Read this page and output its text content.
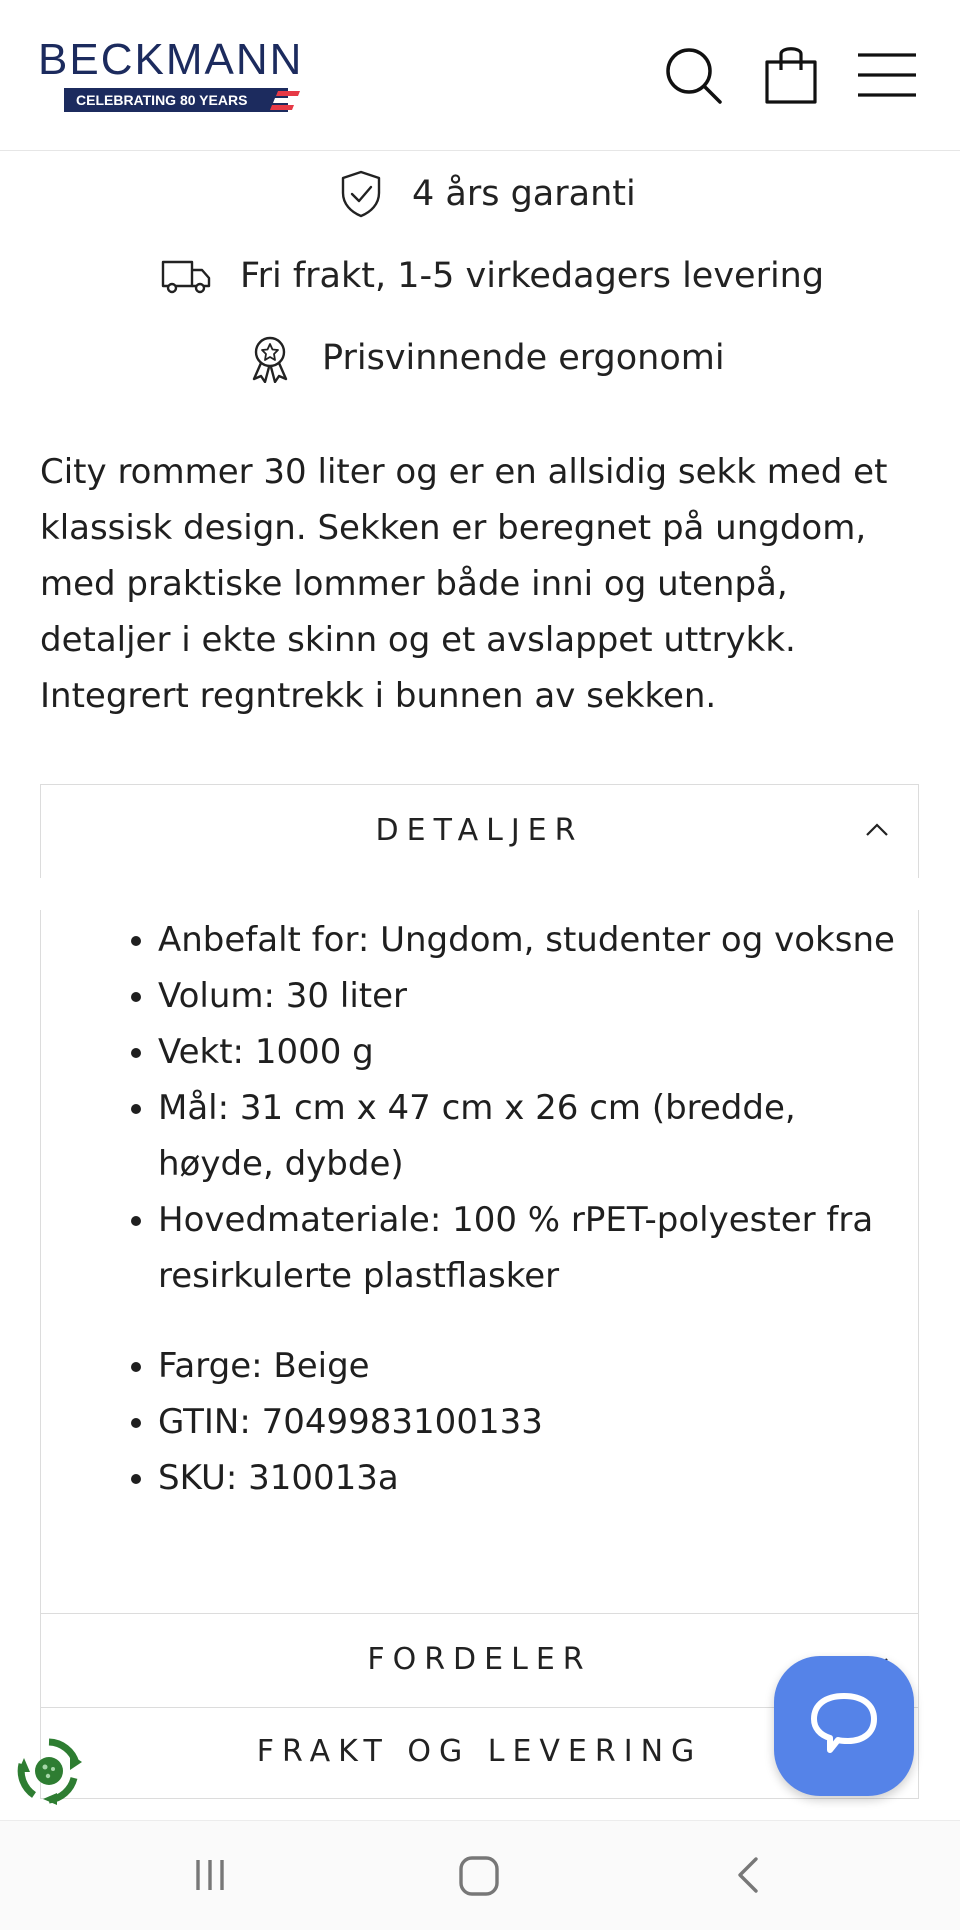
BECKMANN
CELEBRATING 80 YEARS
4 års garanti
Fri frakt, 1-5 virkedagers levering
Prisvinnende ergonomi
City rommer 30 liter og er en allsidig sekk med et
klassisk design. Sekken er beregnet på ungdom,
med praktiske lommer både inni og utenpå,
detaljer i ekte skinn og et avslappet uttrykk.
Integrert regntrekk i bunnen av sekken.
DETALJER
• Anbefalt for: Ungdom, studenter og voksne
• Volum: 30 liter
• Vekt: 1000 g
• Mål: 31 cm x 47 cm x 26 cm (bredde, høyde, dybde)
• Hovedmateriale: 100 % rPET-polyester fra resirkulerte plastflasker
• Farge: Beige
• GTIN: 7049983100133
• SKU: 310013a
FORDELER
FRAKT OG LEVERING
